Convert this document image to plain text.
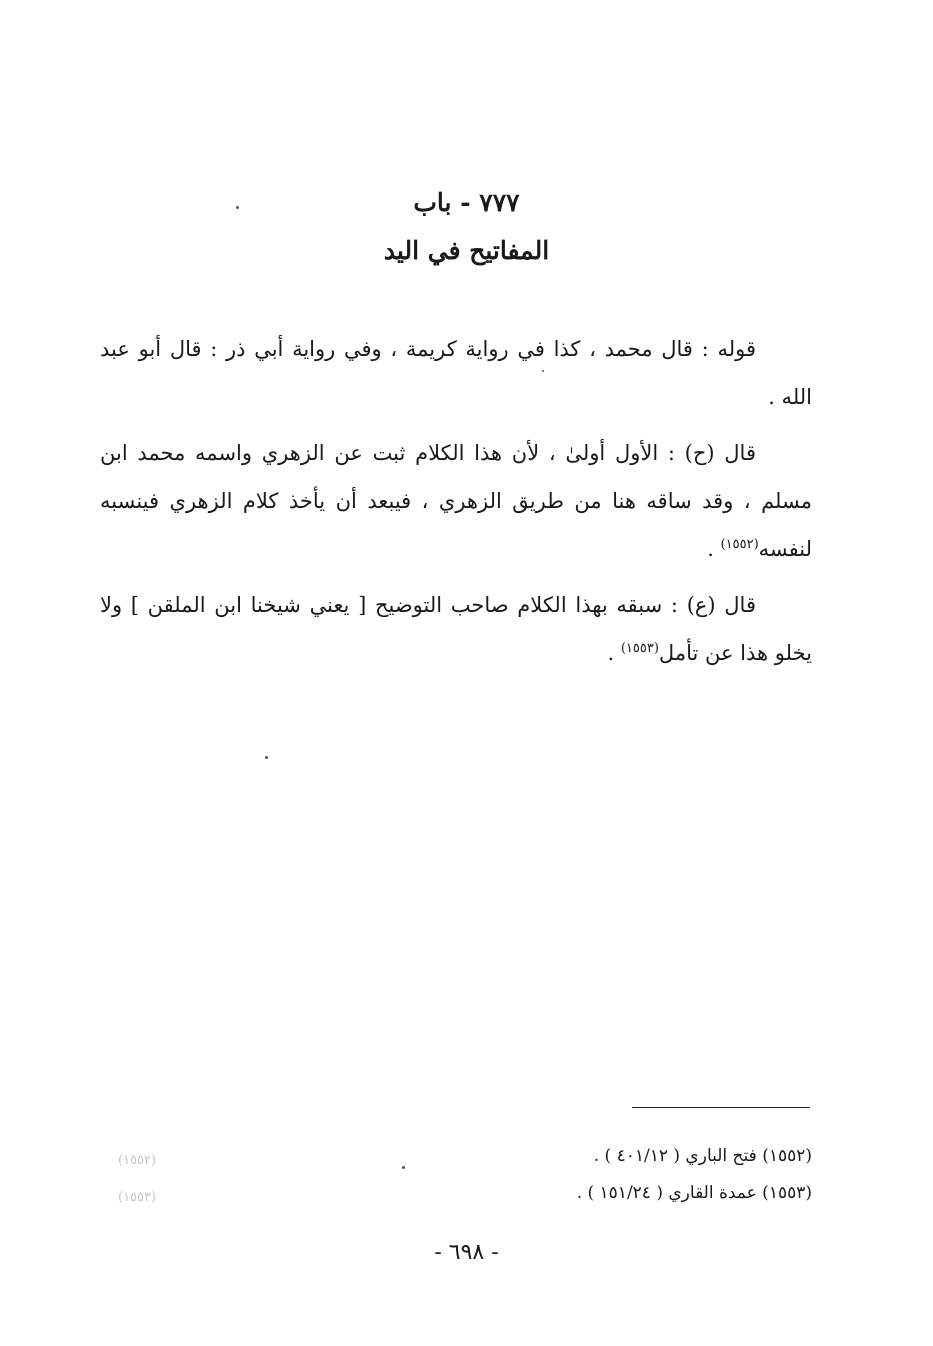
٧٧٧ - باب
المفاتيح في اليد

قوله : قال محمد ، كذا في رواية كريمة ، وفي رواية أبي ذر : قال أبو عبد الله .

قال (ح) : الأول أولىٰ ، لأن هذا الكلام ثبت عن الزهري واسمه محمد ابن مسلم ، وقد ساقه هنا من طريق الزهري ، فيبعد أن يأخذ كلام الزهري فينسبه لنفسه$^{(١٥٥٢)}$ .

قال (ع) : سبقه بهذا الكلام صاحب التوضيح [ يعني شيخنا ابن الملقن ] ولا يخلو هذا عن تأمل$^{(١٥٥٣)}$ .

(١٥٥٢) فتح الباري ( ٤٠١/١٢ ) .
(١٥٥٣) عمدة القاري ( ١٥١/٢٤ ) .
(١٥٥٢)
(١٥٥٣)
- ٦٩٨ -
